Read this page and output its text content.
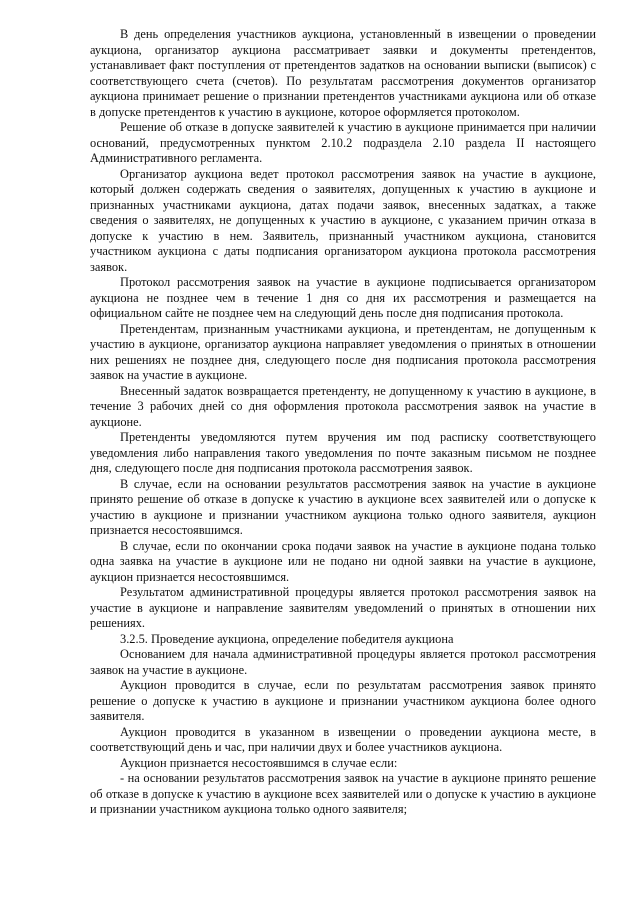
В день определения участников аукциона, установленный в извещении о проведении аукциона, организатор аукциона рассматривает заявки и документы претендентов, устанавливает факт поступления от претендентов задатков на основании выписки (выписок) с соответствующего счета (счетов). По результатам рассмотрения документов организатор аукциона принимает решение о признании претендентов участниками аукциона или об отказе в допуске претендентов к участию в аукционе, которое оформляется протоколом.

Решение об отказе в допуске заявителей к участию в аукционе принимается при наличии оснований, предусмотренных пунктом 2.10.2 подраздела 2.10 раздела II настоящего Административного регламента.

Организатор аукциона ведет протокол рассмотрения заявок на участие в аукционе, который должен содержать сведения о заявителях, допущенных к участию в аукционе и признанных участниками аукциона, датах подачи заявок, внесенных задатках, а также сведения о заявителях, не допущенных к участию в аукционе, с указанием причин отказа в допуске к участию в нем. Заявитель, признанный участником аукциона, становится участником аукциона с даты подписания организатором аукциона протокола рассмотрения заявок.

Протокол рассмотрения заявок на участие в аукционе подписывается организатором аукциона не позднее чем в течение 1 дня со дня их рассмотрения и размещается на официальном сайте не позднее чем на следующий день после дня подписания протокола.

Претендентам, признанным участниками аукциона, и претендентам, не допущенным к участию в аукционе, организатор аукциона направляет уведомления о принятых в отношении них решениях не позднее дня, следующего после дня подписания протокола рассмотрения заявок на участие в аукционе.

Внесенный задаток возвращается претенденту, не допущенному к участию в аукционе, в течение 3 рабочих дней со дня оформления протокола рассмотрения заявок на участие в аукционе.

Претенденты уведомляются путем вручения им под расписку соответствующего уведомления либо направления такого уведомления по почте заказным письмом не позднее дня, следующего после дня подписания протокола рассмотрения заявок.

В случае, если на основании результатов рассмотрения заявок на участие в аукционе принято решение об отказе в допуске к участию в аукционе всех заявителей или о допуске к участию в аукционе и признании участником аукциона только одного заявителя, аукцион признается несостоявшимся.

В случае, если по окончании срока подачи заявок на участие в аукционе подана только одна заявка на участие в аукционе или не подано ни одной заявки на участие в аукционе, аукцион признается несостоявшимся.

Результатом административной процедуры является протокол рассмотрения заявок на участие в аукционе и направление заявителям уведомлений о принятых в отношении них решениях.

3.2.5. Проведение аукциона, определение победителя аукциона

Основанием для начала административной процедуры является протокол рассмотрения заявок на участие в аукционе.

Аукцион проводится в случае, если по результатам рассмотрения заявок принято решение о допуске к участию в аукционе и признании участником аукциона более одного заявителя.

Аукцион проводится в указанном в извещении о проведении аукциона месте, в соответствующий день и час, при наличии двух и более участников аукциона.

Аукцион признается несостоявшимся в случае если:

- на основании результатов рассмотрения заявок на участие в аукционе принято решение об отказе в допуске к участию в аукционе всех заявителей или о допуске к участию в аукционе и признании участником аукциона только одного заявителя;
